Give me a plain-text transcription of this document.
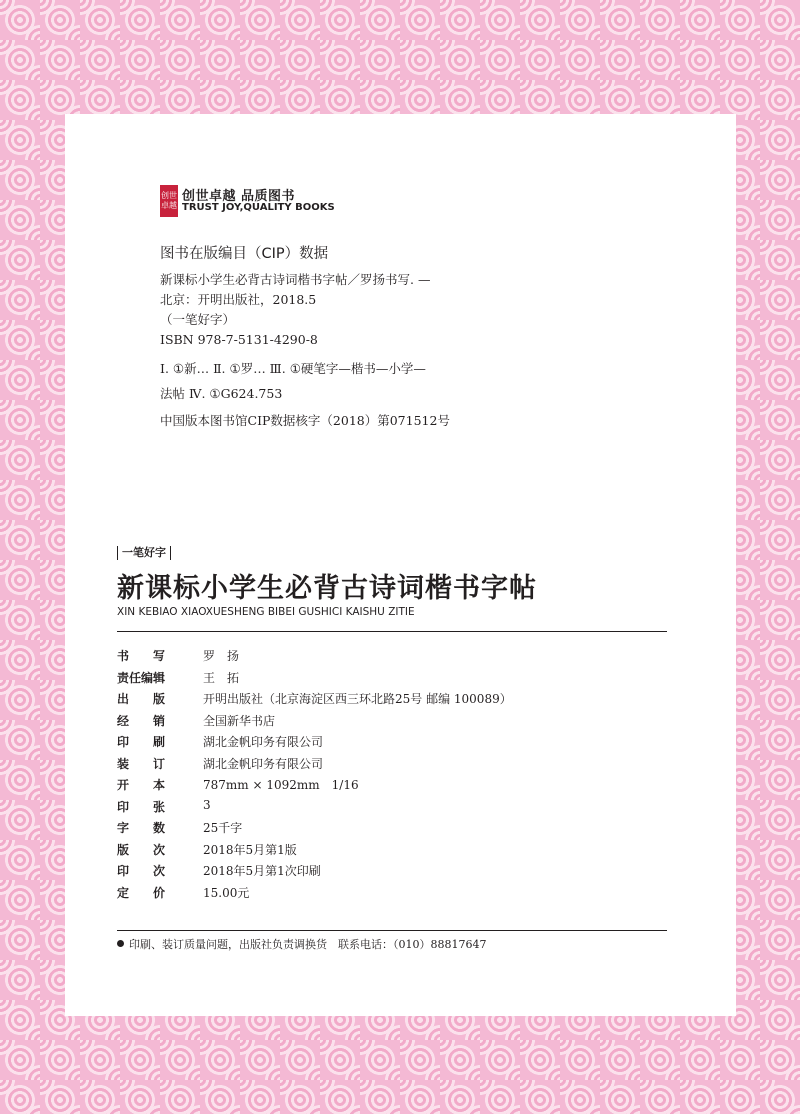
创世卓越
创世卓越 品质图书
TRUST JOY,QUALITY BOOKS
图书在版编目（CIP）数据
新课标小学生必背古诗词楷书字帖／罗扬书写. —
北京：开明出版社，2018.5
（一笔好字）
ISBN 978-7-5131-4290-8
Ⅰ. ①新… Ⅱ. ①罗… Ⅲ. ①硬笔字—楷书—小学—
法帖 Ⅳ. ①G624.753
中国版本图书馆CIP数据核字（2018）第071512号
一笔好字
新课标小学生必背古诗词楷书字帖
XIN KEBIAO XIAOXUESHENG BIBEI GUSHICI KAISHU ZITIE
书　　写	罗　扬
责任编辑	王　拓
出　　版	开明出版社（北京海淀区西三环北路25号 邮编 100089）
经　　销	全国新华书店
印　　刷	湖北金帆印务有限公司
装　　订	湖北金帆印务有限公司
开　　本	787mm × 1092mm　1/16
印　　张	3
字　　数	25千字
版　　次	2018年5月第1版
印　　次	2018年5月第1次印刷
定　　价	15.00元
印刷、装订质量问题，出版社负责调换货　联系电话：（010）88817647
